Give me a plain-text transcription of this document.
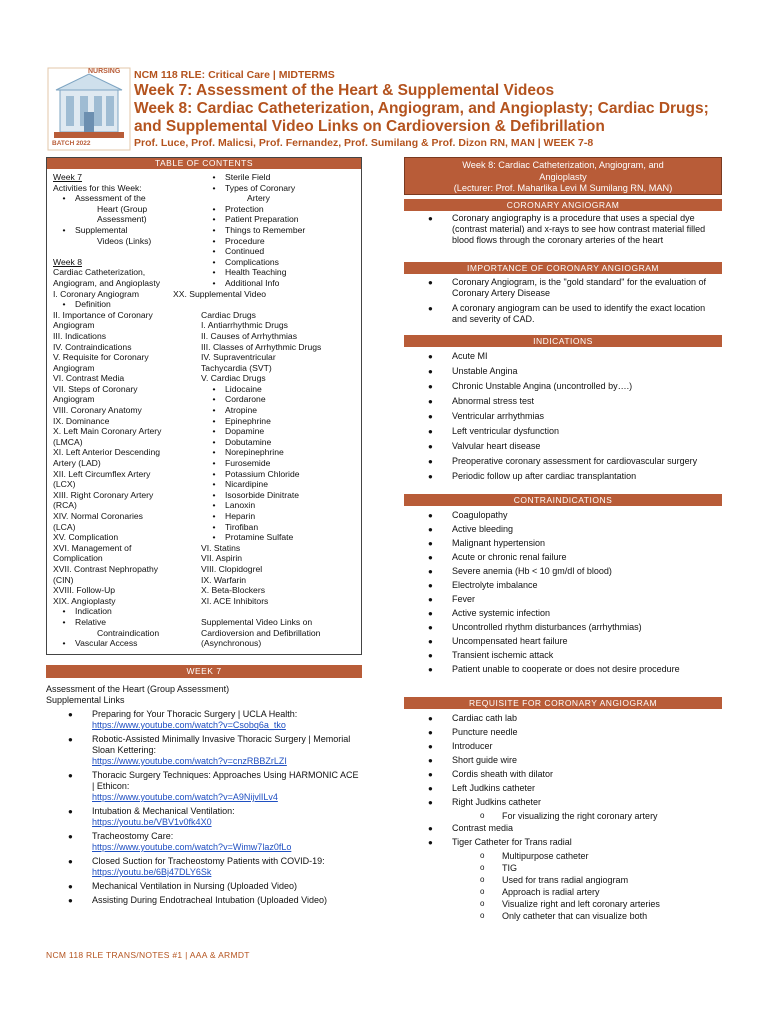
NURSING
BATCH 2022
NCM 118 RLE: Critical Care | MIDTERMS
Week 7: Assessment of the Heart & Supplemental Videos
Week 8: Cardiac Catheterization, Angiogram, and Angioplasty; Cardiac Drugs;
and Supplemental Video Links on Cardioversion & Defibrillation
Prof. Luce, Prof. Malicsi, Prof. Fernandez, Prof. Sumilang & Prof. Dizon RN, MAN | WEEK 7-8
TABLE OF CONTENTS
Week 7
Activities for this Week:
• Assessment of the
Heart (Group
Assessment)
• Supplemental
Videos (Links)

Week 8
Cardiac Catheterization,
Angiogram, and Angioplasty
I. Coronary Angiogram
• Definition
II. Importance of Coronary
Angiogram
III. Indications
IV. Contraindications
V. Requisite for Coronary
Angiogram
VI. Contrast Media
VII. Steps of Coronary
Angiogram
VIII. Coronary Anatomy
IX. Dominance
X. Left Main Coronary Artery
(LMCA)
XI. Left Anterior Descending
Artery (LAD)
XII. Left Circumflex Artery
(LCX)
XIII. Right Coronary Artery
(RCA)
XIV. Normal Coronaries
(LCA)
XV. Complication
XVI. Management of
Complication
XVII. Contrast Nephropathy
(CIN)
XVIII. Follow-Up
XIX. Angioplasty
• Indication
• Relative
Contraindication
• Vascular Access
• Sterile Field
• Types of Coronary
Artery
• Protection
• Patient Preparation
• Things to Remember
• Procedure
• Continued
• Complications
• Health Teaching
• Additional Info
XX. Supplemental Video

Cardiac Drugs
I. Antiarrhythmic Drugs
II. Causes of Arrhythmias
III. Classes of Arrhythmic Drugs
IV. Supraventricular
Tachycardia (SVT)
V. Cardiac Drugs
• Lidocaine
• Cordarone
• Atropine
• Epinephrine
• Dopamine
• Dobutamine
• Norepinephrine
• Furosemide
• Potassium Chloride
• Nicardipine
• Isosorbide Dinitrate
• Lanoxin
• Heparin
• Tirofiban
• Protamine Sulfate
VI. Statins
VII. Aspirin
VIII. Clopidogrel
IX. Warfarin
X. Beta-Blockers
XI. ACE Inhibitors

Supplemental Video Links on
Cardioversion and Defibrillation
(Asynchronous)
WEEK 7
Assessment of the Heart (Group Assessment)
Supplemental Links
● Preparing for Your Thoracic Surgery | UCLA Health:
https://www.youtube.com/watch?v=Csobq6a_tko
● Robotic-Assisted Minimally Invasive Thoracic Surgery | Memorial Sloan Kettering:
https://www.youtube.com/watch?v=cnzRBBZrLZI
● Thoracic Surgery Techniques: Approaches Using HARMONIC ACE | Ethicon:
https://www.youtube.com/watch?v=A9NijvlILv4
● Intubation & Mechanical Ventilation:
https://youtu.be/VBV1v0fk4X0
● Tracheostomy Care:
https://www.youtube.com/watch?v=Wimw7laz0fLo
● Closed Suction for Tracheostomy Patients with COVID-19:
https://youtu.be/6Bj47DLY6Sk
● Mechanical Ventilation in Nursing (Uploaded Video)
● Assisting During Endotracheal Intubation (Uploaded Video)
Week 8: Cardiac Catheterization, Angiogram, and
Angioplasty
(Lecturer: Prof. Maharlika Levi M Sumilang RN, MAN)
CORONARY ANGIOGRAM
● Coronary angiography is a procedure that uses a special dye (contrast material) and x-rays to see how contrast material filled blood flows through the coronary arteries of the heart
IMPORTANCE OF CORONARY ANGIOGRAM
● Coronary Angiogram, is the "gold standard" for the evaluation of Coronary Artery Disease
● A coronary angiogram can be used to identify the exact location and severity of CAD.
INDICATIONS
● Acute MI
● Unstable Angina
● Chronic Unstable Angina (uncontrolled by….)
● Abnormal stress test
● Ventricular arrhythmias
● Left ventricular dysfunction
● Valvular heart disease
● Preoperative coronary assessment for cardiovascular surgery
● Periodic follow up after cardiac transplantation
CONTRAINDICATIONS
● Coagulopathy
● Active bleeding
● Malignant hypertension
● Acute or chronic renal failure
● Severe anemia (Hb < 10 gm/dl of blood)
● Electrolyte imbalance
● Fever
● Active systemic infection
● Uncontrolled rhythm disturbances (arrhythmias)
● Uncompensated heart failure
● Transient ischemic attack
● Patient unable to cooperate or does not desire procedure
REQUISITE FOR CORONARY ANGIOGRAM
● Cardiac cath lab
● Puncture needle
● Introducer
● Short guide wire
● Cordis sheath with dilator
● Left Judkins catheter
● Right Judkins catheter
o For visualizing the right coronary artery
● Contrast media
● Tiger Catheter for Trans radial
o Multipurpose catheter
o TIG
o Used for trans radial angiogram
o Approach is radial artery
o Visualize right and left coronary arteries
o Only catheter that can visualize both
NCM 118 RLE TRANS/NOTES #1 | AAA & ARMDT
